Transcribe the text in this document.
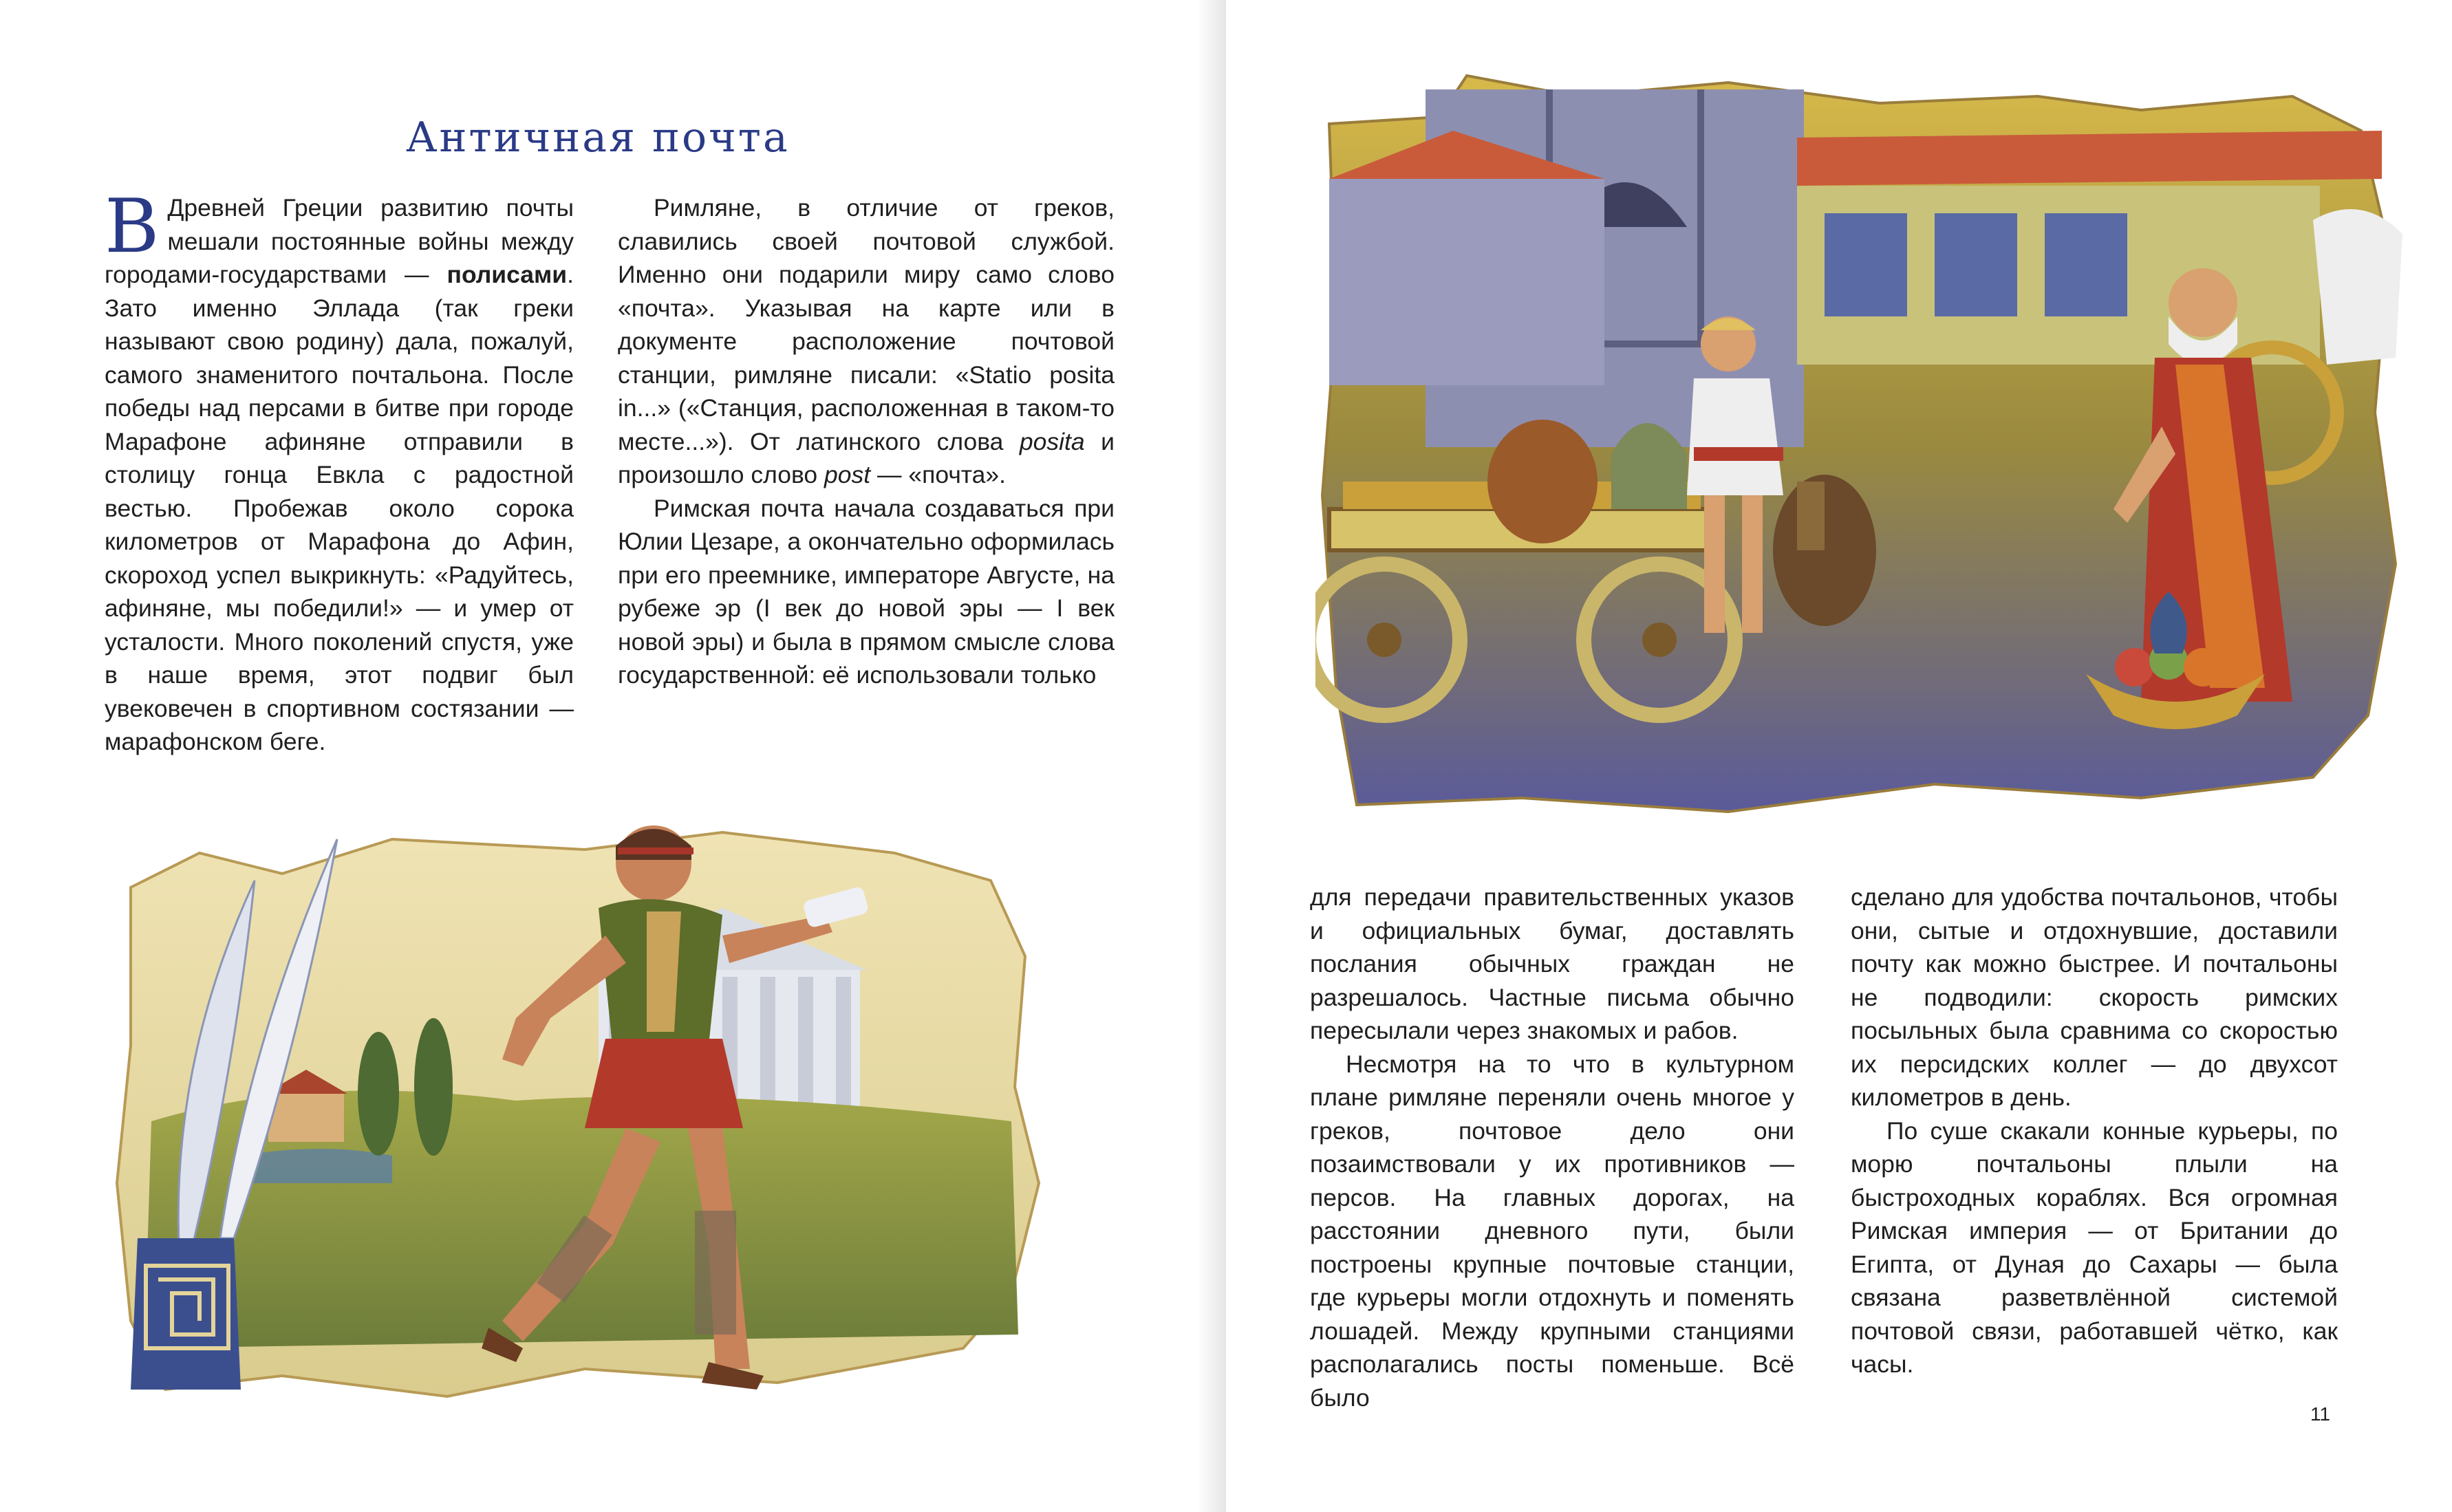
Античная почта

В Древней Греции развитию почты мешали постоянные войны между городами-государствами — полисами. Зато именно Эллада (так греки называют свою родину) дала, пожалуй, самого знаменитого почтальона. После победы над персами в битве при городе Марафоне афиняне отправили в столицу гонца Евкла с радостной вестью. Пробежав около сорока километров от Марафона до Афин, скороход успел выкрикнуть: «Радуйтесь, афиняне, мы победили!» — и умер от усталости. Много поколений спустя, уже в наше время, этот подвиг был увековечен в спортивном состязании — марафонском беге.

Римляне, в отличие от греков, славились своей почтовой службой. Именно они подарили миру само слово «почта». Указывая на карте или в документе расположение почтовой станции, римляне писали: «Statio posita in...» («Станция, расположенная в таком-то месте...»). От латинского слова posita и произошло слово post — «почта».

Римская почта начала создаваться при Юлии Цезаре, а окончательно оформилась при его преемнике, императоре Августе, на рубеже эр (I век до новой эры — I век новой эры) и была в прямом смысле слова государственной: её использовали только

для передачи правительственных указов и официальных бумаг, доставлять послания обычных граждан не разрешалось. Частные письма обычно пересылали через знакомых и рабов.

Несмотря на то что в культурном плане римляне переняли очень многое у греков, почтовое дело они позаимствовали у их противников — персов. На главных дорогах, на расстоянии дневного пути, были построены крупные почтовые станции, где курьеры могли отдохнуть и поменять лошадей. Между крупными станциями располагались посты поменьше. Всё было

сделано для удобства почтальонов, чтобы они, сытые и отдохнувшие, доставили почту как можно быстрее. И почтальоны не подводили: скорость римских посыльных была сравнима со скоростью их персидских коллег — до двухсот километров в день.

По суше скакали конные курьеры, по морю почтальоны плыли на быстроходных кораблях. Вся огромная Римская империя — от Британии до Египта, от Дуная до Сахары — была связана разветвлённой системой почтовой связи, работавшей чётко, как часы.

11
